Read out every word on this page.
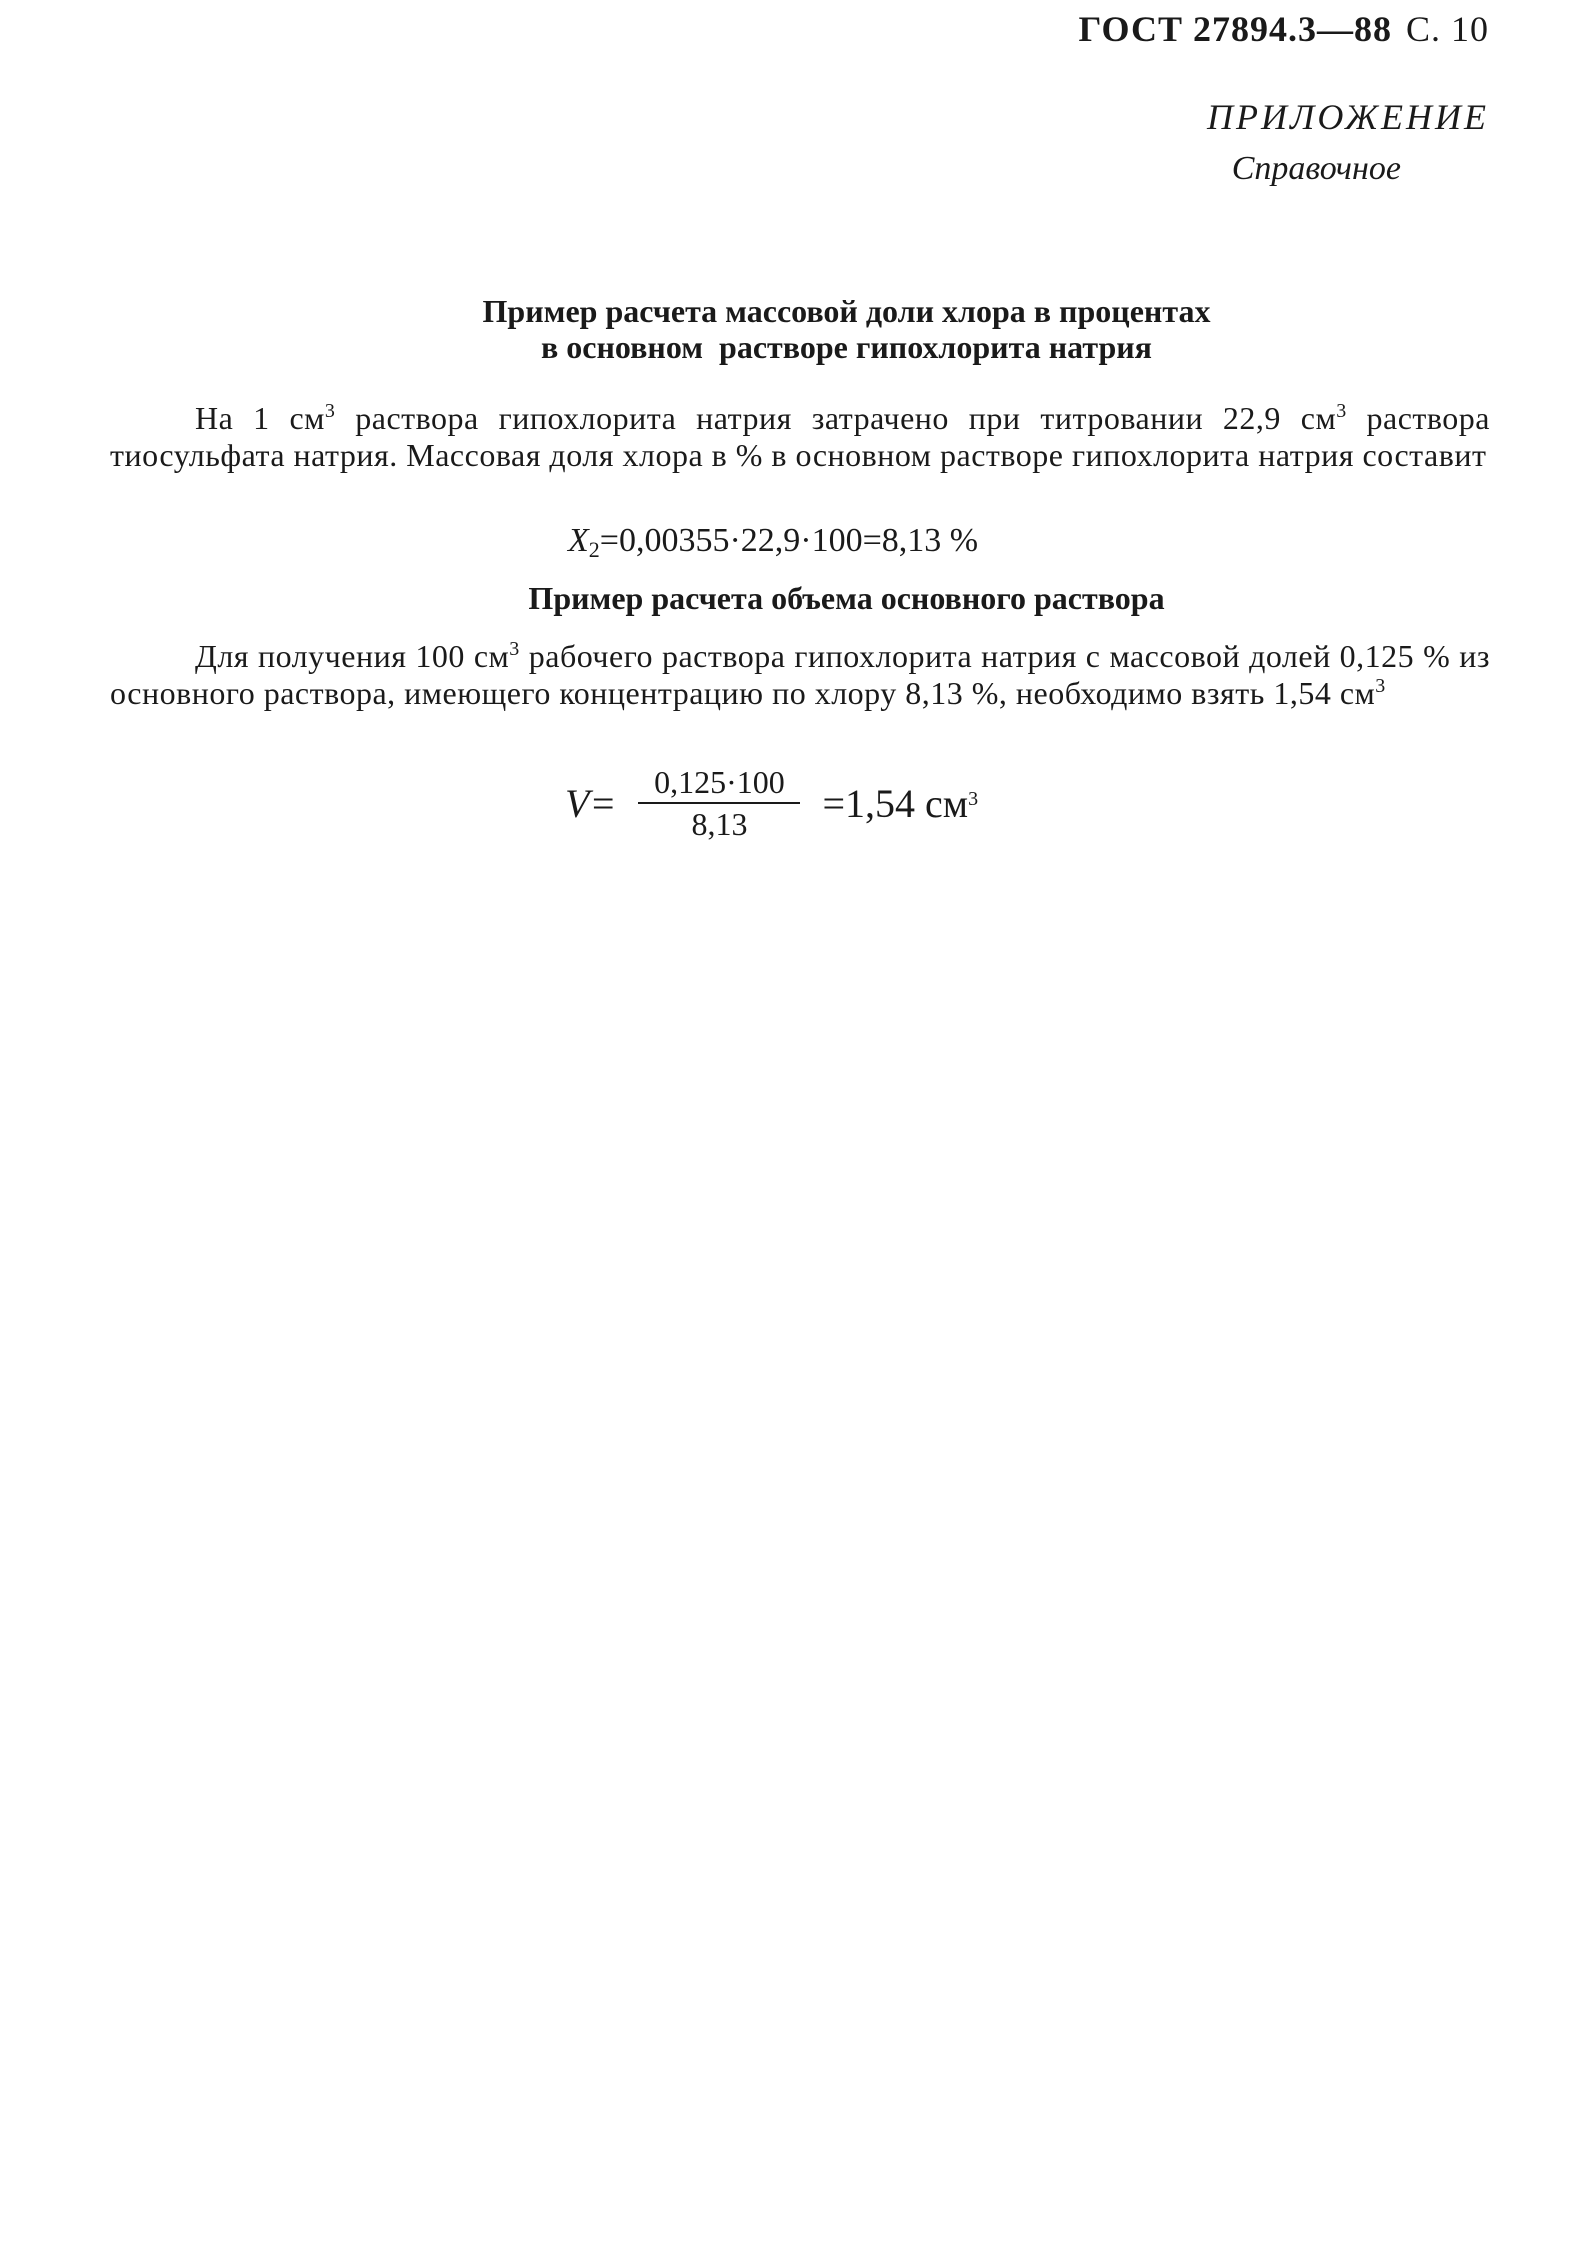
ГОСТ 27894.3—88 С. 10
ПРИЛОЖЕНИЕ
Справочное
Пример расчета массовой доли хлора в процентах
в основном  растворе гипохлорита натрия
На 1 $см^3$ раствора гипохлорита натрия затрачено при титровании 22,9 $см^3$ раствора тиосульфата натрия. Массовая доля хлора в % в основном растворе гипохлорита натрия составит
$X_2=0,00355\cdot 22,9\cdot 100=8,13$ %
Пример расчета объема основного раствора
Для получения 100 $см^3$ рабочего раствора гипохлорита натрия с массовой долей 0,125 % из основного раствора, имеющего концентрацию по хлору 8,13 %, необходимо взять 1,54 $см^3$
$V= \frac{0,125\cdot 100}{8,13} =1,54$ $см^3$
